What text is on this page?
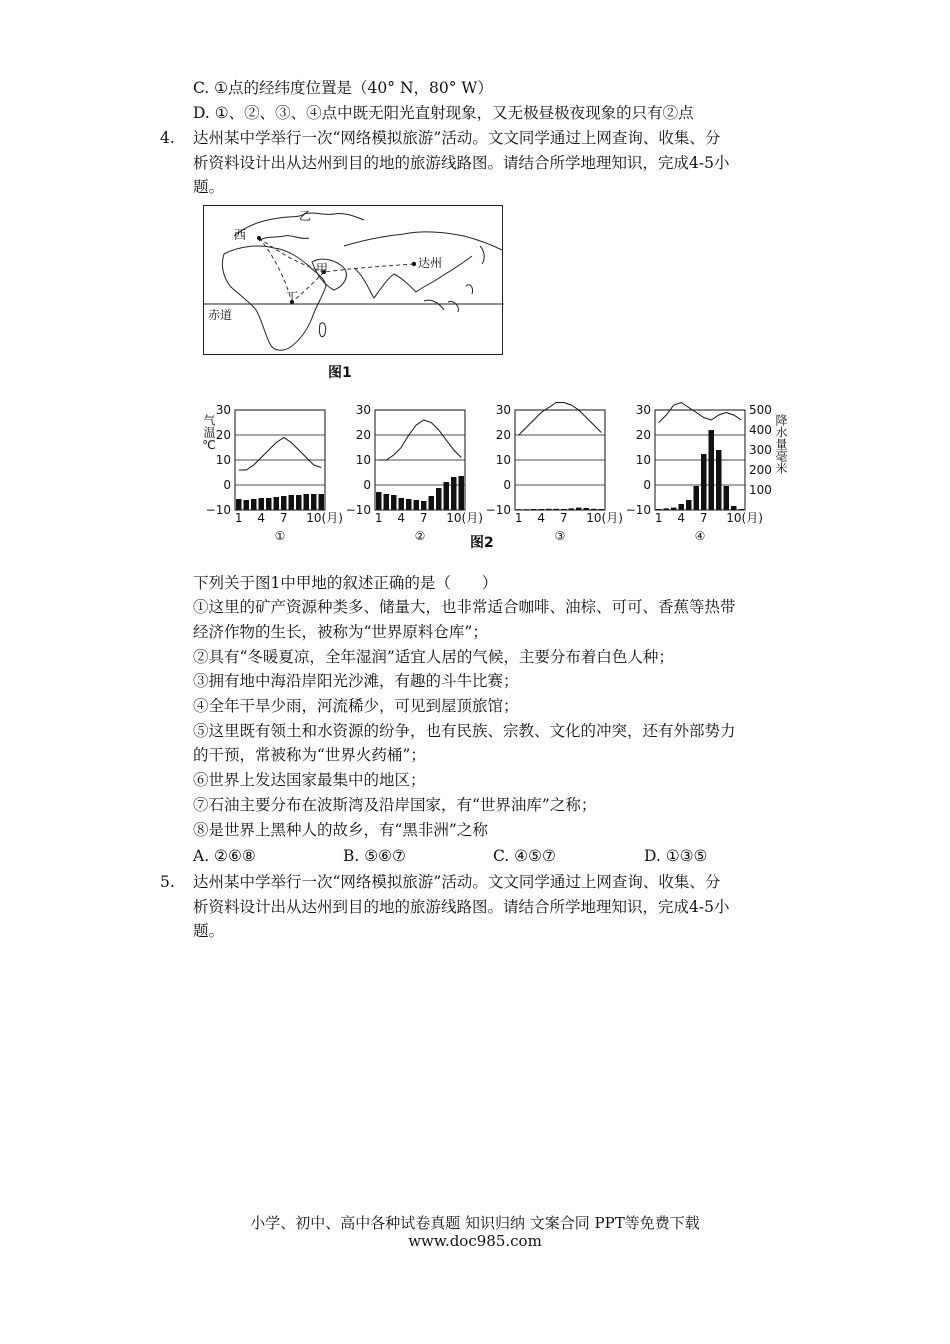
C. ①点的经纬度位置是（40° N，80° W）
D. ①、②、③、④点中既无阳光直射现象，又无极昼极夜现象的只有②点
4. 达州某中学举行一次“网络模拟旅游”活动。文文同学通过上网查询、收集、分
析资料设计出从达州到目的地的旅游线路图。请结合所学地理知识，完成4-5小
题。
西
乙
甲
丁
达州
赤道
图1
30
20
10
0
−10
1 4 7 10(月)
①
气温℃
30
20
10
0
−10
1 4 7 10(月)
②
30
20
10
0
−10
1 4 7 10(月)
③
30
20
10
0
−10
1 4 7 10(月)
④
100
200
300
400
500
降水量毫米
图2
下列关于图1中甲地的叙述正确的是（　　）
①这里的矿产资源种类多、储量大，也非常适合咖啡、油棕、可可、香蕉等热带
经济作物的生长，被称为“世界原料仓库”；
②具有“冬暖夏凉，全年湿润”适宜人居的气候，主要分布着白色人种；
③拥有地中海沿岸阳光沙滩，有趣的斗牛比赛；
④全年干旱少雨，河流稀少，可见到屋顶旅馆；
⑤这里既有领土和水资源的纷争，也有民族、宗教、文化的冲突，还有外部势力
的干预，常被称为“世界火药桶”；
⑥世界上发达国家最集中的地区；
⑦石油主要分布在波斯湾及沿岸国家，有“世界油库”之称；
⑧是世界上黑种人的故乡，有“黑非洲”之称
A. ②⑥⑧	B. ⑤⑥⑦	C. ④⑤⑦	D. ①③⑤
5. 达州某中学举行一次“网络模拟旅游”活动。文文同学通过上网查询、收集、分
析资料设计出从达州到目的地的旅游线路图。请结合所学地理知识，完成4-5小
题。
小学、初中、高中各种试卷真题 知识归纳 文案合同 PPT等免费下载
www.doc985.com
